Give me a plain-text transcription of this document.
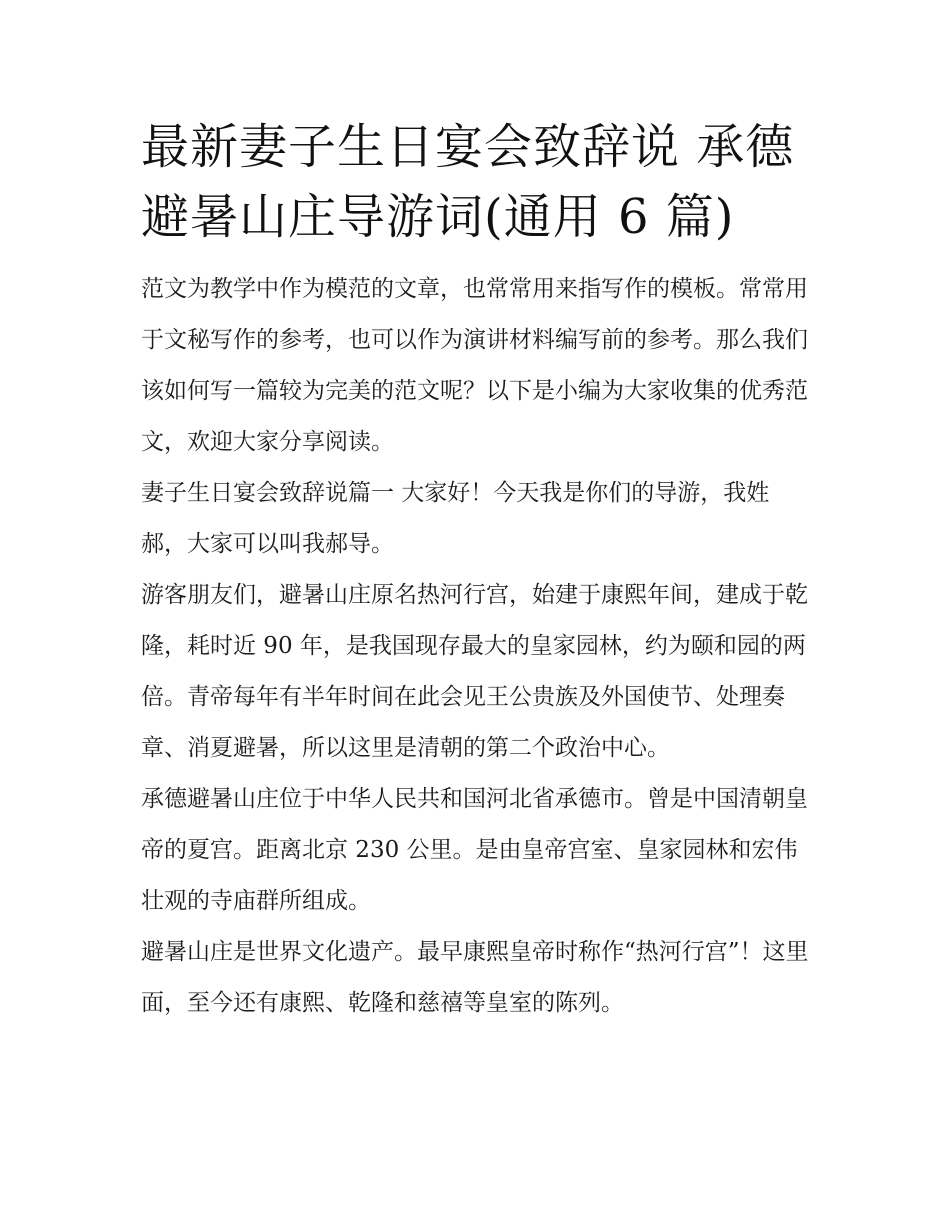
最新妻子生日宴会致辞说 承德避暑山庄导游词(通用 6 篇)

范文为教学中作为模范的文章，也常常用来指写作的模板。常常用于文秘写作的参考，也可以作为演讲材料编写前的参考。那么我们该如何写一篇较为完美的范文呢？以下是小编为大家收集的优秀范文，欢迎大家分享阅读。

妻子生日宴会致辞说篇一 大家好！今天我是你们的导游，我姓郝，大家可以叫我郝导。

游客朋友们，避暑山庄原名热河行宫，始建于康熙年间，建成于乾隆，耗时近 90 年，是我国现存最大的皇家园林，约为颐和园的两倍。青帝每年有半年时间在此会见王公贵族及外国使节、处理奏章、消夏避暑，所以这里是清朝的第二个政治中心。

承德避暑山庄位于中华人民共和国河北省承德市。曾是中国清朝皇帝的夏宫。距离北京 230 公里。是由皇帝宫室、皇家园林和宏伟壮观的寺庙群所组成。

避暑山庄是世界文化遗产。最早康熙皇帝时称作“热河行宫”！这里面，至今还有康熙、乾隆和慈禧等皇室的陈列。
